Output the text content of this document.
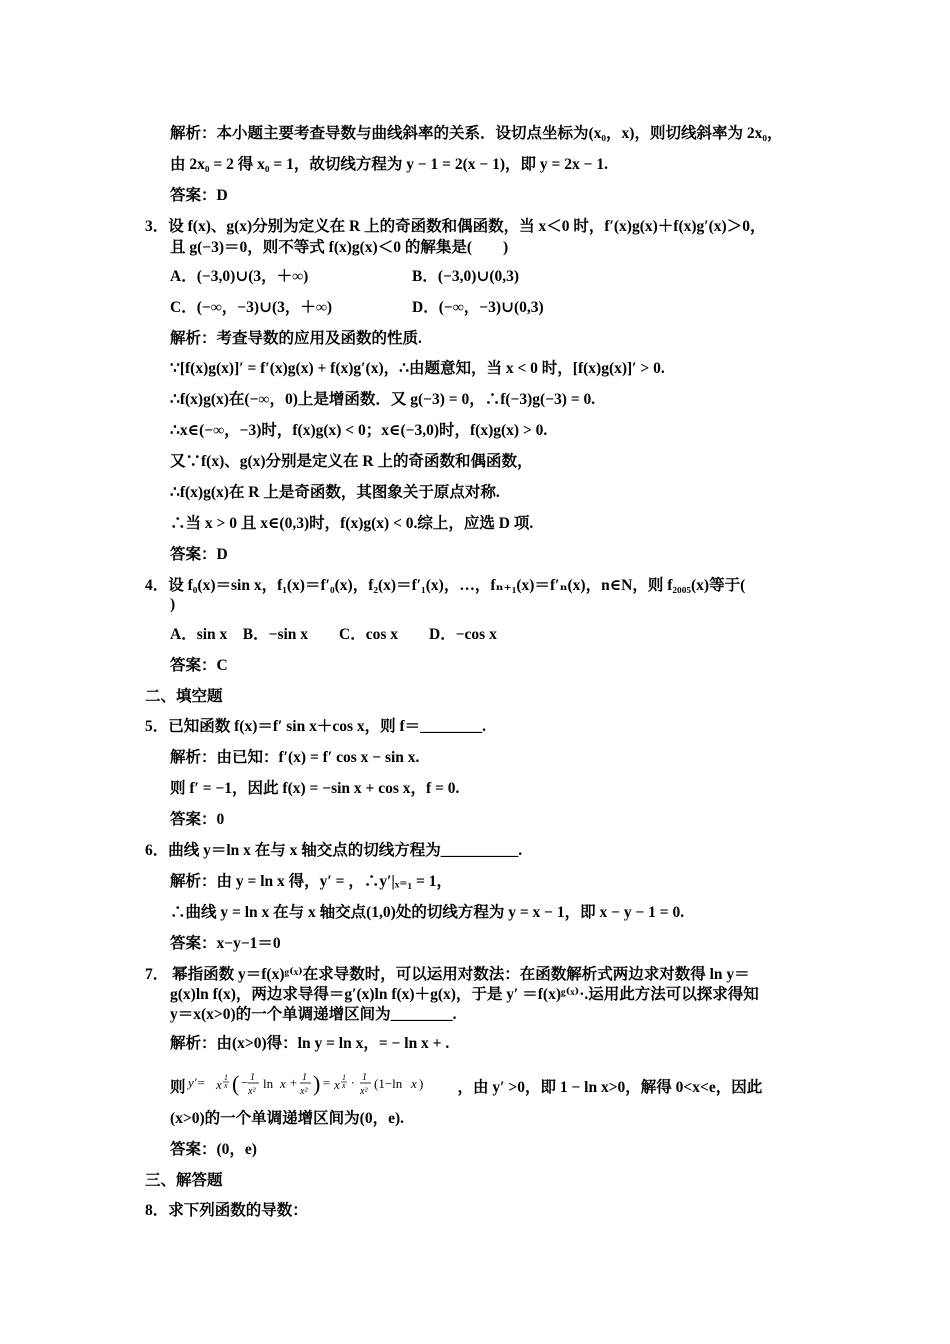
解析：本小题主要考查导数与曲线斜率的关系．设切点坐标为(x₀，x)，则切线斜率为 2x₀，
由 2x₀ = 2 得 x₀ = 1，故切线方程为 y − 1 = 2(x − 1)，即 y = 2x − 1.
答案：D
3．设 f(x)、g(x)分别为定义在 R 上的奇函数和偶函数，当 x＜0 时，f′(x)g(x)＋f(x)g′(x)＞0，
且 g(−3)＝0，则不等式 f(x)g(x)＜0 的解集是(　　)
A．(−3,0)∪(3，＋∞)	B．(−3,0)∪(0,3)
C．(−∞，−3)∪(3，＋∞)	D．(−∞，−3)∪(0,3)
解析：考查导数的应用及函数的性质.
∵[f(x)g(x)]′ = f′(x)g(x) + f(x)g′(x)，∴由题意知，当 x < 0 时，[f(x)g(x)]′ > 0.
∴f(x)g(x)在(−∞，0)上是增函数．又 g(−3) = 0，∴f(−3)g(−3) = 0.
∴x∈(−∞，−3)时，f(x)g(x) < 0；x∈(−3,0)时，f(x)g(x) > 0.
又∵f(x)、g(x)分别是定义在 R 上的奇函数和偶函数，
∴f(x)g(x)在 R 上是奇函数，其图象关于原点对称.
∴当 x > 0 且 x∈(0,3)时，f(x)g(x) < 0.综上，应选 D 项.
答案：D
4．设 f₀(x)＝sin x，f₁(x)＝f′₀(x)，f₂(x)＝f′₁(x)，…，fₙ₊₁(x)＝f′ₙ(x)，n∈N，则 f₂₀₀₅(x)等于(
)
A．sin x　B．−sin x　　C．cos x　　D．−cos x
答案：C
二、填空题
5．已知函数 f(x)＝f′ sin x＋cos x，则 f＝________.
解析：由已知：f′(x) = f′ cos x − sin x.
则 f′ = −1，因此 f(x) = −sin x + cos x，f = 0.
答案：0
6．曲线 y＝ln x 在与 x 轴交点的切线方程为__________.
解析：由 y = ln x 得，y′ = ，∴y′|ₓ₌₁ = 1，
∴曲线 y = ln x 在与 x 轴交点(1,0)处的切线方程为 y = x − 1，即 x − y − 1 = 0.
答案：x−y−1＝0
7． 幂指函数 y＝f(x)ᵍ⁽ˣ⁾在求导数时，可以运用对数法：在函数解析式两边求对数得 ln y＝
g(x)ln f(x)，两边求导得＝g′(x)ln f(x)＋g(x)，于是 y′ ＝f(x)ᵍ⁽ˣ⁾·.运用此方法可以探求得知
y＝x(x>0)的一个单调递增区间为________.
解析：由(x>0)得：ln y = ln x，= − ln x + .
则 y′= x 1
x ( − 1
x²
ln x + 1
x² ) = x 1
x · 1
x²
(1−ln x ) ，由 y′ >0，即 1 − ln x>0，解得 0<x<e，因此
(x>0)的一个单调递增区间为(0，e).
答案：(0，e)
三、解答题
8．求下列函数的导数：
